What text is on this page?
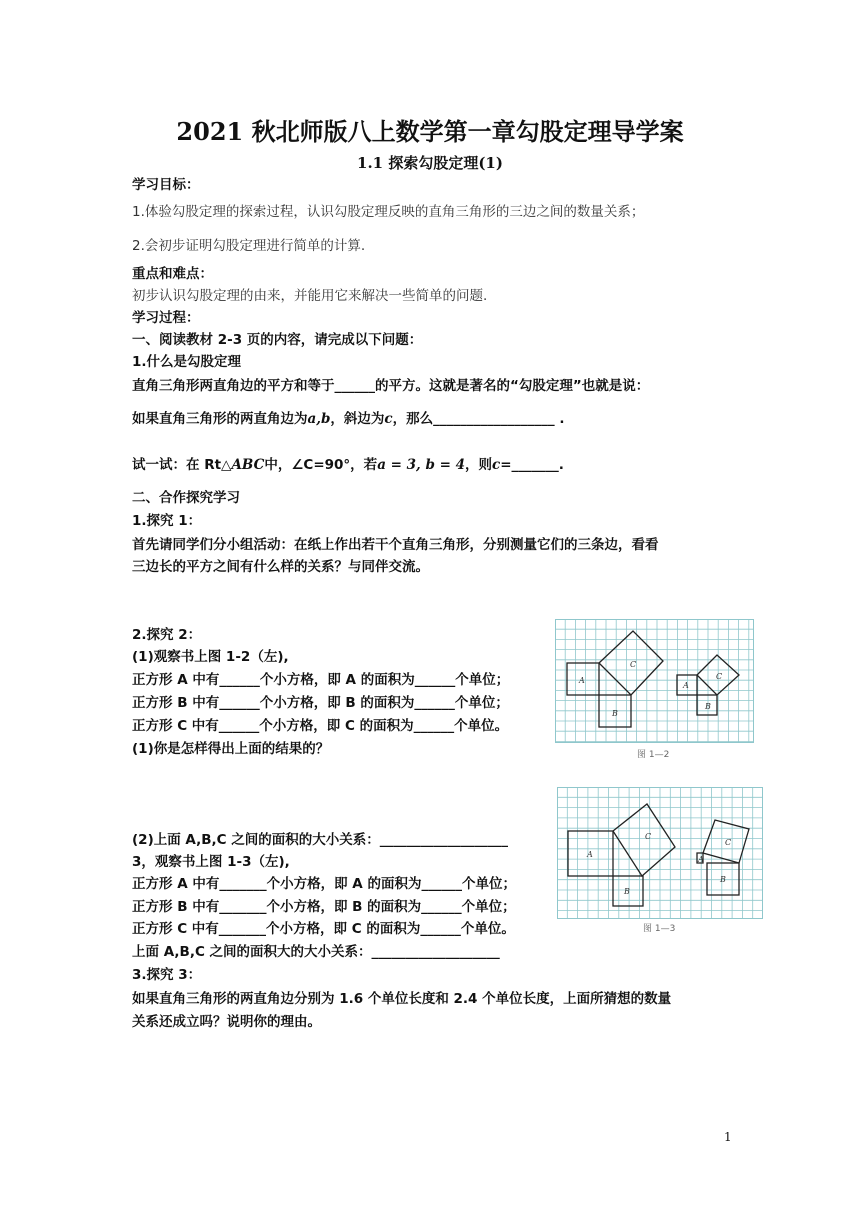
2021 秋北师版八上数学第一章勾股定理导学案
1.1 探索勾股定理(1)
学习目标：
1.体验勾股定理的探索过程，认识勾股定理反映的直角三角形的三边之间的数量关系；
2.会初步证明勾股定理进行简单的计算.
重点和难点：
初步认识勾股定理的由来，并能用它来解决一些简单的问题.
学习过程：
一、阅读教材 2-3 页的内容，请完成以下问题：
1.什么是勾股定理
直角三角形两直角边的平方和等于______的平方。这就是著名的“勾股定理”也就是说：
如果直角三角形的两直角边为a,b，斜边为c，那么__________________ .
试一试：在 Rt△ABC中，∠C=90°，若a = 3, b = 4，则c=_______.
二、合作探究学习
1.探究 1：
首先请同学们分小组活动：在纸上作出若干个直角三角形，分别测量它们的三条边，看看
三边长的平方之间有什么样的关系？与同伴交流。
2.探究 2：
(1)观察书上图 1-2（左),
正方形 A 中有______个小方格，即 A 的面积为______个单位；
正方形 B 中有______个小方格，即 B 的面积为______个单位；
正方形 C 中有______个小方格，即 C 的面积为______个单位。
(1)你是怎样得出上面的结果的？
(2)上面 A,B,C 之间的面积的大小关系：___________________
3，观察书上图 1-3（左),
正方形 A 中有_______个小方格，即 A 的面积为______个单位；
正方形 B 中有_______个小方格，即 B 的面积为______个单位；
正方形 C 中有_______个小方格，即 C 的面积为______个单位。
上面 A,B,C 之间的面积大的大小关系：___________________
3.探究 3：
如果直角三角形的两直角边分别为 1.6 个单位长度和 2.4 个单位长度，上面所猜想的数量
关系还成立吗？说明你的理由。
A
C
B
A
C
B
图 1—2
A
C
B
A
C
B
图 1—3
1
